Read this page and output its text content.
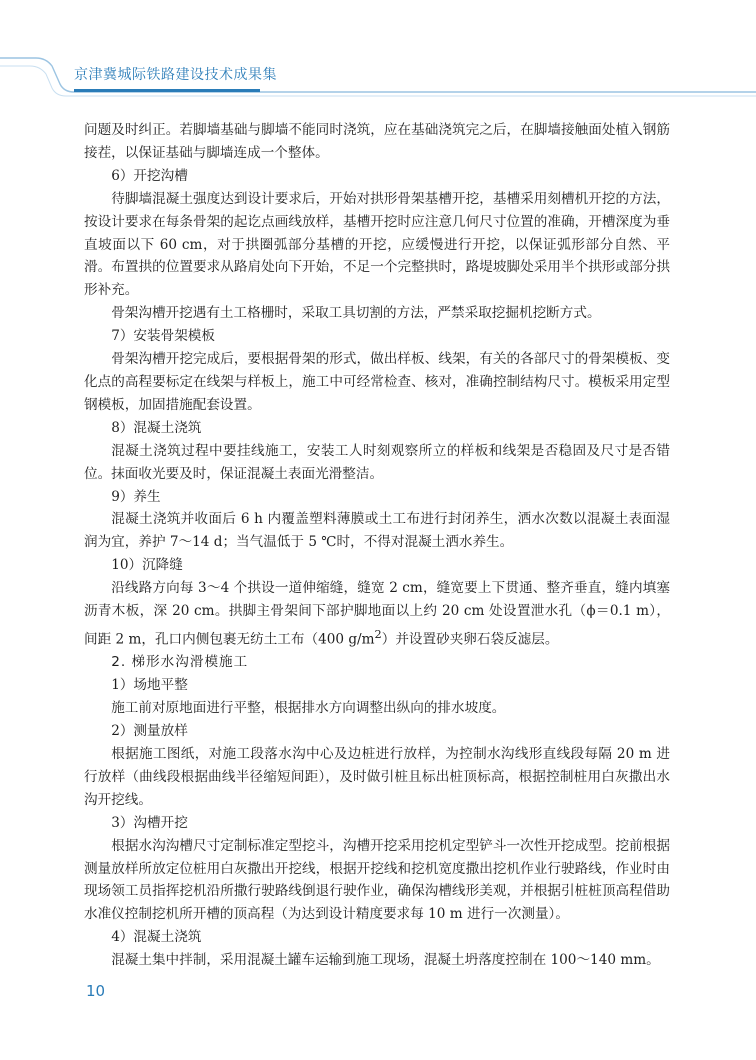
京津冀城际铁路建设技术成果集

问题及时纠正。若脚墙基础与脚墙不能同时浇筑，应在基础浇筑完之后，在脚墙接触面处植入钢筋接茬，以保证基础与脚墙连成一个整体。

6）开挖沟槽

待脚墙混凝土强度达到设计要求后，开始对拱形骨架基槽开挖，基槽采用刻槽机开挖的方法，按设计要求在每条骨架的起讫点画线放样，基槽开挖时应注意几何尺寸位置的准确，开槽深度为垂直坡面以下 60 cm，对于拱圈弧部分基槽的开挖，应缓慢进行开挖，以保证弧形部分自然、平滑。布置拱的位置要求从路肩处向下开始，不足一个完整拱时，路堤坡脚处采用半个拱形或部分拱形补充。

骨架沟槽开挖遇有土工格栅时，采取工具切割的方法，严禁采取挖掘机挖断方式。

7）安装骨架模板

骨架沟槽开挖完成后，要根据骨架的形式，做出样板、线架，有关的各部尺寸的骨架模板、变化点的高程要标定在线架与样板上，施工中可经常检查、核对，准确控制结构尺寸。模板采用定型钢模板，加固措施配套设置。

8）混凝土浇筑

混凝土浇筑过程中要挂线施工，安装工人时刻观察所立的样板和线架是否稳固及尺寸是否错位。抹面收光要及时，保证混凝土表面光滑整洁。

9）养生

混凝土浇筑并收面后 6 h 内覆盖塑料薄膜或土工布进行封闭养生，洒水次数以混凝土表面湿润为宜，养护 7～14 d；当气温低于 5 ℃时，不得对混凝土洒水养生。

10）沉降缝

沿线路方向每 3～4 个拱设一道伸缩缝，缝宽 2 cm，缝宽要上下贯通、整齐垂直，缝内填塞沥青木板，深 20 cm。拱脚主骨架间下部护脚地面以上约 20 cm 处设置泄水孔（ϕ＝0.1 m），间距 2 m，孔口内侧包裹无纺土工布（400 $g/m^2$）并设置砂夹卵石袋反滤层。

2. 梯形水沟滑模施工

1）场地平整

施工前对原地面进行平整，根据排水方向调整出纵向的排水坡度。

2）测量放样

根据施工图纸，对施工段落水沟中心及边桩进行放样，为控制水沟线形直线段每隔 20 m 进行放样（曲线段根据曲线半径缩短间距），及时做引桩且标出桩顶标高，根据控制桩用白灰撒出水沟开挖线。

3）沟槽开挖

根据水沟沟槽尺寸定制标准定型挖斗，沟槽开挖采用挖机定型铲斗一次性开挖成型。挖前根据测量放样所放定位桩用白灰撒出开挖线，根据开挖线和挖机宽度撒出挖机作业行驶路线，作业时由现场领工员指挥挖机沿所撒行驶路线倒退行驶作业，确保沟槽线形美观，并根据引桩桩顶高程借助水准仪控制挖机所开槽的顶高程（为达到设计精度要求每 10 m 进行一次测量）。

4）混凝土浇筑

混凝土集中拌制，采用混凝土罐车运输到施工现场，混凝土坍落度控制在 100～140 mm。

10
